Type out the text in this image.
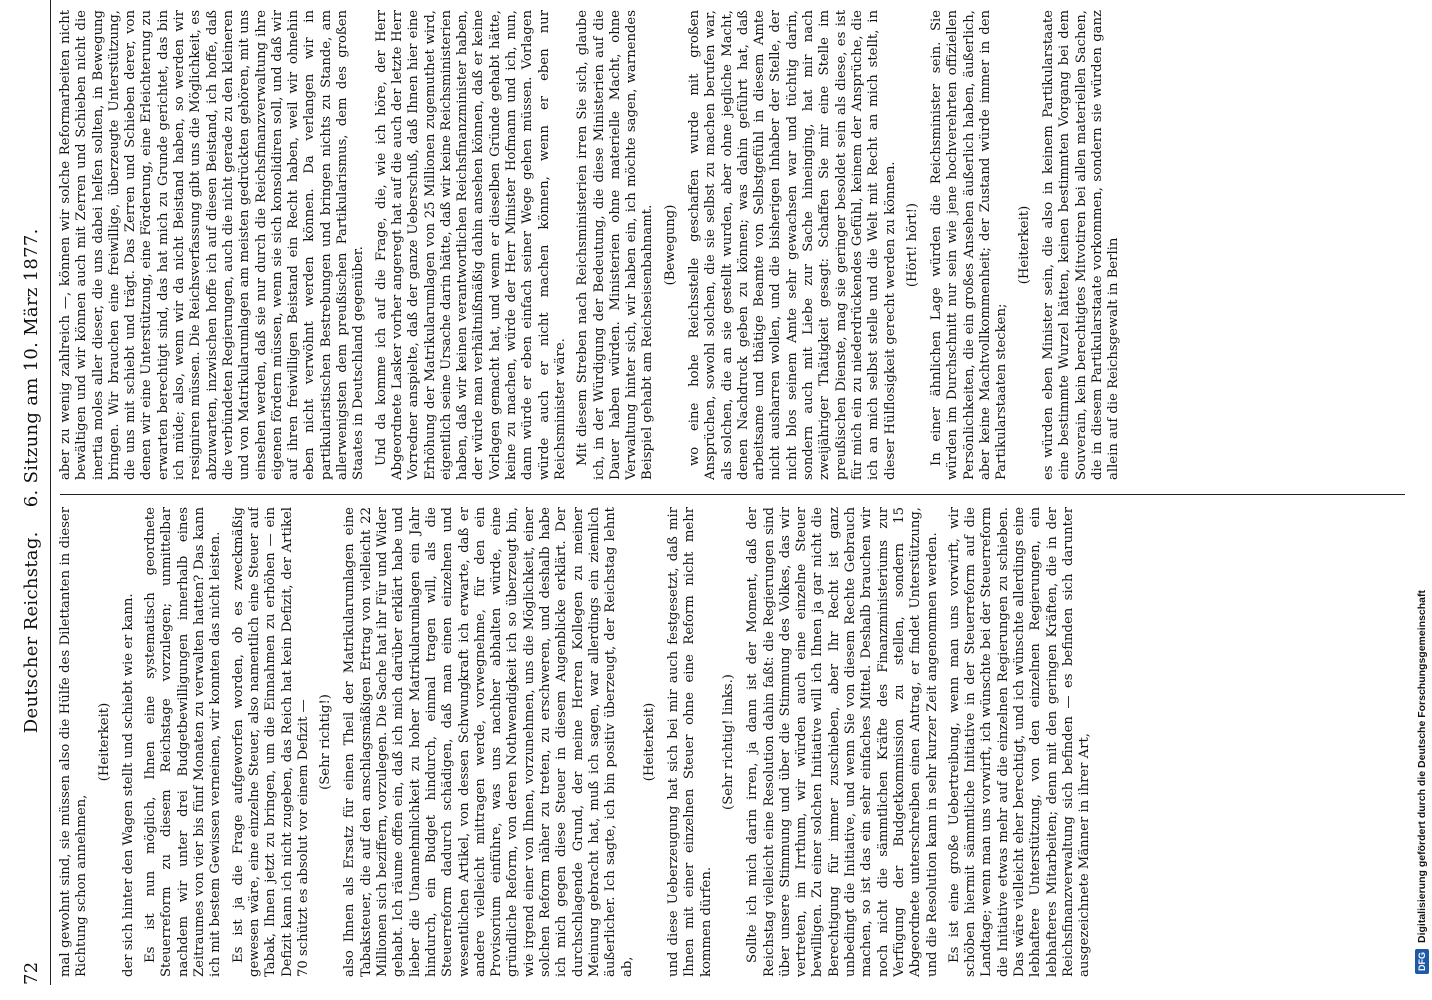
72
Deutscher Reichstag.    6. Sitzung am 10. März 1877.

mal gewohnt sind, sie müssen also die Hülfe des Dilettanten in dieser Richtung schon annehmen,

(Heiterkeit) der sich hinter den Wagen stellt und schiebt wie er kann. Es ist nun möglich, Ihnen eine systematisch geordnete Steuerreform zu diesem Reichstage vorzulegen; unmittelbar nachdem wir unter drei Budgetbewilligungen innerhalb eines Zeitraumes von vier bis fünf Monaten zu verwalten hatten? Das kann ich mit bestem Gewissen verneinen, wir konnten das nicht leisten. Es ist ja die Frage aufgeworfen worden, ob es zweckmäßig gewesen wäre, eine einzelne Steuer, also namentlich eine Steuer auf Tabak, Ihnen jetzt zu bringen, um die Einnahmen zu erhöhen — ein Defizit kann ich nicht zugeben, das Reich hat kein Defizit, der Artikel 70 schützt es absolut vor einem Defizit — (Sehr richtig!) also Ihnen als Ersatz für einen Theil der Matrikularumlagen eine Tabaksteuer, die auf den anschlagsmäßigen Ertrag von vielleicht 22 Millionen sich beziffern, vorzulegen. Die Sache hat ihr Für und Wider gehabt. Ich räume offen ein, daß ich mich darüber erklärt habe und lieber die Unannehmlichkeit zu hoher Matrikularumlagen ein Jahr hindurch, ein Budget hindurch, einmal tragen will, als die Steuerreform dadurch schädigen, daß man einen einzelnen und wesentlichen Artikel, von dessen Schwungkraft ich erwarte, daß er andere vielleicht mittragen werde, vorwegnehme, für den ein Provisorium einführe, was uns nachher abhalten würde, eine gründliche Reform, von deren Nothwendigkeit ich so überzeugt bin, wie irgend einer von Ihnen, vorzunehmen, uns die Möglichkeit, einer solchen Reform näher zu treten, zu erschweren, und deshalb habe ich mich gegen diese Steuer in diesem Augenblicke erklärt. Der durchschlagende Grund, der meine Herren Kollegen zu meiner Meinung gebracht hat, muß ich sagen, war allerdings ein ziemlich äußerlicher. Ich sagte, ich bin positiv überzeugt, der Reichstag lehnt ab,

(Heiterkeit) und diese Ueberzeugung hat sich bei mir auch festgesetzt, daß mir Ihnen mit einer einzelnen Steuer ohne eine Reform nicht mehr kommen dürfen.

(Sehr richtig! links.) Sollte ich mich darin irren, ja dann ist der Moment, daß der Reichstag vielleicht eine Resolution dahin faßt: die Regierungen sind über unsere Stimmung und über die Stimmung des Volkes, das wir vertreten, im Irrthum, wir würden auch eine einzelne Steuer bewilligen. Zu einer solchen Initiative will ich Ihnen ja gar nicht die Berechtigung für immer zuschieben, aber Ihr Recht ist ganz unbedingt die Initiative, und wenn Sie von diesem Rechte Gebrauch machen, so ist das ein sehr einfaches Mittel. Deshalb brauchen wir noch nicht die sämmtlichen Kräfte des Finanzministeriums zur Verfügung der Budgetkommission zu stellen, sondern 15 Abgeordnete unterschreiben einen Antrag, er findet Unterstützung, und die Resolution kann in sehr kurzer Zeit angenommen werden. Es ist eine große Uebertreibung, wenn man uns vorwirft, wir schöben hiermit sämmtliche Initiative in der Steuerreform auf die Landtage; wenn man uns vorwirft, ich wünschte bei der Steuerreform die Initiative etwas mehr auf die einzelnen Regierungen zu schieben. Das wäre vielleicht eher berechtigt, und ich wünschte allerdings eine lebhaftere Unterstützung, von den einzelnen Regierungen, ein lebhafteres Mitarbeiten; denn mit den geringen Kräften, die in der Reichsfinanzverwaltung sich befinden — es befinden sich darunter ausgezeichnete Männer in ihrer Art,

aber zu wenig zahlreich —, können wir solche Reformarbeiten nicht bewältigen und wir können auch mit Zerren und Schieben nicht die inertia moles aller dieser, die uns dabei helfen sollten, in Bewegung bringen. Wir brauchen eine freiwillige, überzeugte Unterstützung, die uns mit schiebt und trägt. Das Zerren und Schieben derer, von denen wir eine Unterstützung, eine Förderung, eine Erleichterung zu erwarten berechtigt sind, das hat mich zu Grunde gerichtet, das bin ich müde; also, wenn wir da nicht Beistand haben, so werden wir resigniren müssen. Die Reichsverfassung gibt uns die Möglichkeit, es abzuwarten, inzwischen hoffe ich auf diesen Beistand, ich hoffe, daß die verbündeten Regierungen, auch die nicht gerade zu den kleineren und von Matrikularumlagen am meisten gedrückten gehören, mit uns einsehen werden, daß sie nur durch die Reichsfinanzverwaltung ihre eigenen fördern müssen, wenn sie sich konsolidiren soll, und daß wir auf ihren freiwilligen Beistand ein Recht haben, weil wir ohnehin eben nicht verwöhnt werden können. Da verlangen wir in partikularistischen Bestrebungen und bringen nichts zu Stande, am allerwenigsten dem preußischen Partikularismus, dem des großen Staates in Deutschland gegenüber. Und da komme ich auf die Frage, die, wie ich höre, der Herr Abgeordnete Lasker vorher angeregt hat auf die auch der letzte Herr Vorredner anspielte, daß der ganze Ueberschuß, daß Ihnen hier eine Erhöhung der Matrikularumlagen von 25 Millionen zugemuthet wird, eigentlich seine Ursache darin hätte, daß wir keine Reichsministerien haben, daß wir keinen verantwortlichen Reichsfinanzminister haben, der würde man verhältnißmäßig dahin ansehen können, daß er keine Vorlagen gemacht hat, und wenn er dieselben Gründe gehabt hätte, keine zu machen, würde der Herr Minister Hofmann und ich, nun, dann würde er eben einfach seiner Wege gehen müssen. Vorlagen würde auch er nicht machen können, wenn er eben nur Reichsminister wäre. Mit diesem Streben nach Reichsministerien irren Sie sich, glaube ich, in der Würdigung der Bedeutung, die diese Ministerien auf die Dauer haben würden. Ministerien ohne materielle Macht, ohne Verwaltung hinter sich, wir haben ein, ich möchte sagen, warnendes Beispiel gehabt am Reichseisenbahnamt. (Bewegung) wo eine hohe Reichsstelle geschaffen wurde mit großen Ansprüchen, sowohl solchen, die sie selbst zu machen berufen war, als solchen, die an sie gestellt wurden, aber ohne jegliche Macht, denen Nachdruck geben zu können; was dahin geführt hat, daß arbeitsame und thätige Beamte von Selbstgefühl in diesem Amte nicht ausharren wollen, und die bisherigen Inhaber der Stelle, der nicht blos seinem Amte sehr gewachsen war und tüchtig darin, sondern auch mit Liebe zur Sache hineinging, hat mir nach zweijähriger Thätigkeit gesagt: Schaffen Sie mir eine Stelle im preußischen Dienste, mag sie geringer besoldet sein als diese, es ist für mich ein zu niederdrückendes Gefühl, keinem der Ansprüche, die ich an mich selbst stelle und die Welt mit Recht an mich stellt, in dieser Hülflosigkeit gerecht werden zu können. (Hört! hört!) In einer ähnlichen Lage würden die Reichsminister sein. Sie würden im Durchschnitt nur sein wie jene hochverehrten offiziellen Persönlichkeiten, die ein großes Ansehen äußerlich haben, äußerlich, aber keine Machtvollkommenheit; der Zustand würde immer in den Partikularstaaten stecken;

(Heiterkeit) es würden eben Minister sein, die also in keinem Partikularstaate eine bestimmte Wurzel hätten, keinen bestimmten Vorgang bei dem Souverain, kein berechtigtes Mitvotiren bei allen materiellen Sachen, die in diesem Partikularstaate vorkommen, sondern sie würden ganz allein auf die Reichsgewalt in Berlin

DFG
Digitalisierung gefördert durch die Deutsche Forschungsgemeinschaft
